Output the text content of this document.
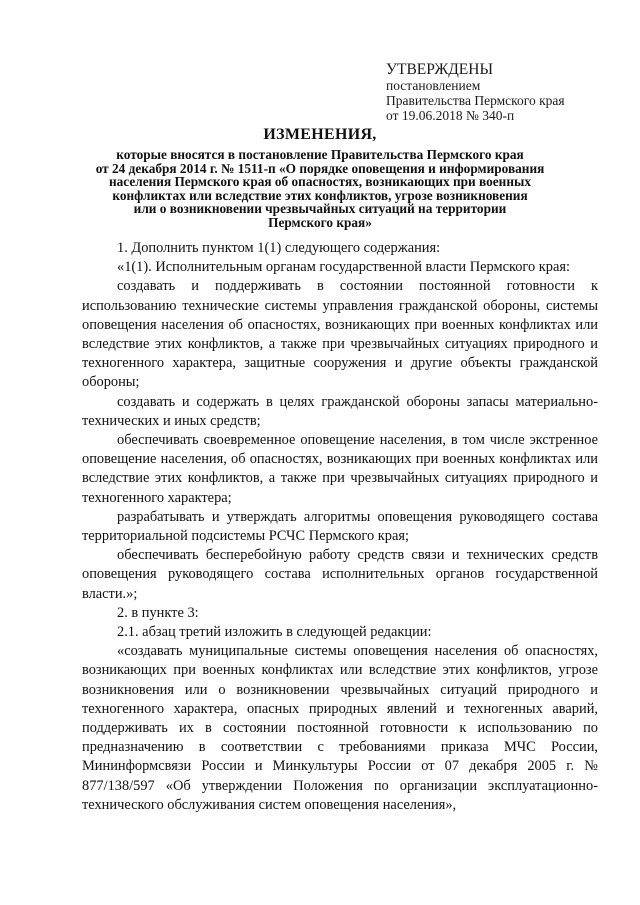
УТВЕРЖДЕНЫ
постановлением
Правительства Пермского края
от 19.06.2018 № 340-п
ИЗМЕНЕНИЯ,
которые вносятся в постановление Правительства Пермского края
от 24 декабря 2014 г. № 1511-п «О порядке оповещения и информирования
населения Пермского края об опасностях, возникающих при военных
конфликтах или вследствие этих конфликтов, угрозе возникновения
или о возникновении чрезвычайных ситуаций на территории
Пермского края»

1. Дополнить пунктом 1(1) следующего содержания:

«1(1). Исполнительным органам государственной власти Пермского края:

создавать и поддерживать в состоянии постоянной готовности к использованию технические системы управления гражданской обороны, системы оповещения населения об опасностях, возникающих при военных конфликтах или вследствие этих конфликтов, а также при чрезвычайных ситуациях природного и техногенного характера, защитные сооружения и другие объекты гражданской обороны;

создавать и содержать в целях гражданской обороны запасы материально-технических и иных средств;

обеспечивать своевременное оповещение населения, в том числе экстренное оповещение населения, об опасностях, возникающих при военных конфликтах или вследствие этих конфликтов, а также при чрезвычайных ситуациях природного и техногенного характера;

разрабатывать и утверждать алгоритмы оповещения руководящего состава территориальной подсистемы РСЧС Пермского края;

обеспечивать бесперебойную работу средств связи и технических средств оповещения руководящего состава исполнительных органов государственной власти.»;

2. в пункте 3:

2.1. абзац третий изложить в следующей редакции:

«создавать муниципальные системы оповещения населения об опасностях, возникающих при военных конфликтах или вследствие этих конфликтов, угрозе возникновения или о возникновении чрезвычайных ситуаций природного и техногенного характера, опасных природных явлений и техногенных аварий, поддерживать их в состоянии постоянной готовности к использованию по предназначению в соответствии с требованиями приказа МЧС России, Мининформсвязи России и Минкультуры России от 07 декабря 2005 г. № 877/138/597 «Об утверждении Положения по организации эксплуатационно-технического обслуживания систем оповещения населения»,
